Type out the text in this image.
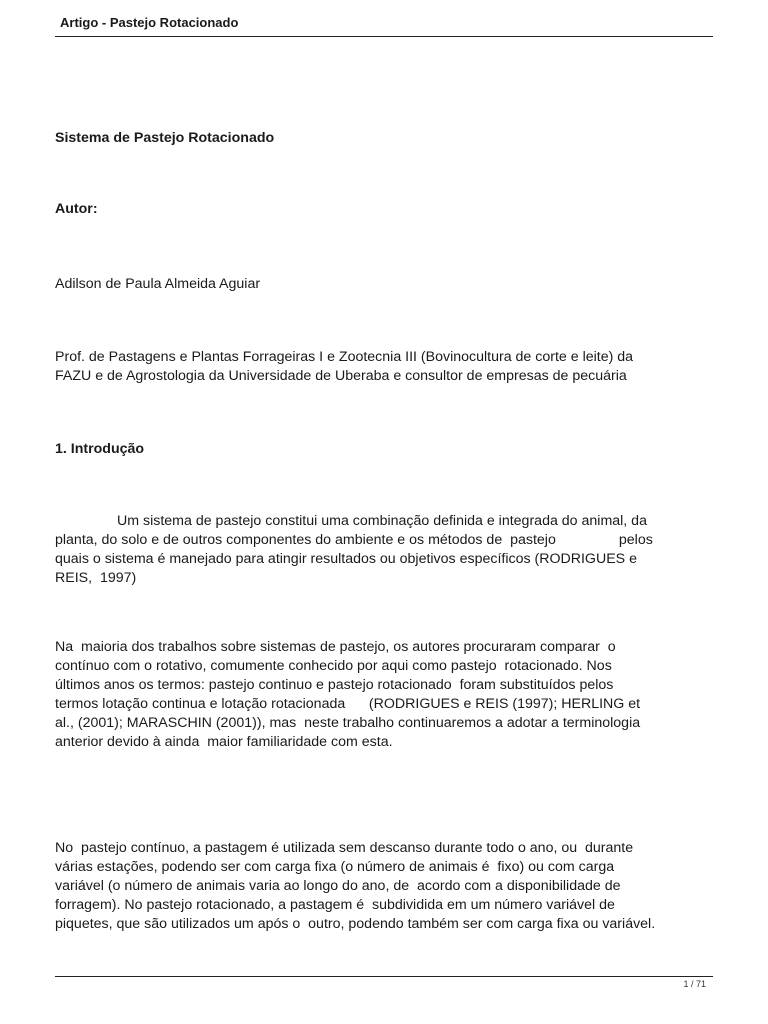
Artigo - Pastejo Rotacionado

Sistema de Pastejo Rotacionado

Autor:

Adilson de Paula Almeida Aguiar

Prof. de Pastagens e Plantas Forrageiras I e Zootecnia III (Bovinocultura de corte e leite) da
FAZU e de Agrostologia da Universidade de Uberaba e consultor de empresas de pecuária

1. Introdução

Um sistema de pastejo constitui uma combinação definida e integrada do animal, da
planta, do solo e de outros componentes do ambiente e os métodos de  pastejo                pelos
quais o sistema é manejado para atingir resultados ou objetivos específicos (RODRIGUES e
REIS,  1997)
Na  maioria dos trabalhos sobre sistemas de pastejo, os autores procuraram comparar  o
contínuo com o rotativo, comumente conhecido por aqui como pastejo  rotacionado. Nos
últimos anos os termos: pastejo continuo e pastejo rotacionado  foram substituídos pelos
termos lotação continua e lotação rotacionada      (RODRIGUES e REIS (1997); HERLING et
al., (2001); MARASCHIN (2001)), mas  neste trabalho continuaremos a adotar a terminologia
anterior devido à ainda  maior familiaridade com esta.
No  pastejo contínuo, a pastagem é utilizada sem descanso durante todo o ano, ou  durante
várias estações, podendo ser com carga fixa (o número de animais é  fixo) ou com carga
variável (o número de animais varia ao longo do ano, de  acordo com a disponibilidade de
forragem). No pastejo rotacionado, a pastagem é  subdividida em um número variável de
piquetes, que são utilizados um após o  outro, podendo também ser com carga fixa ou variável.
1 / 71
